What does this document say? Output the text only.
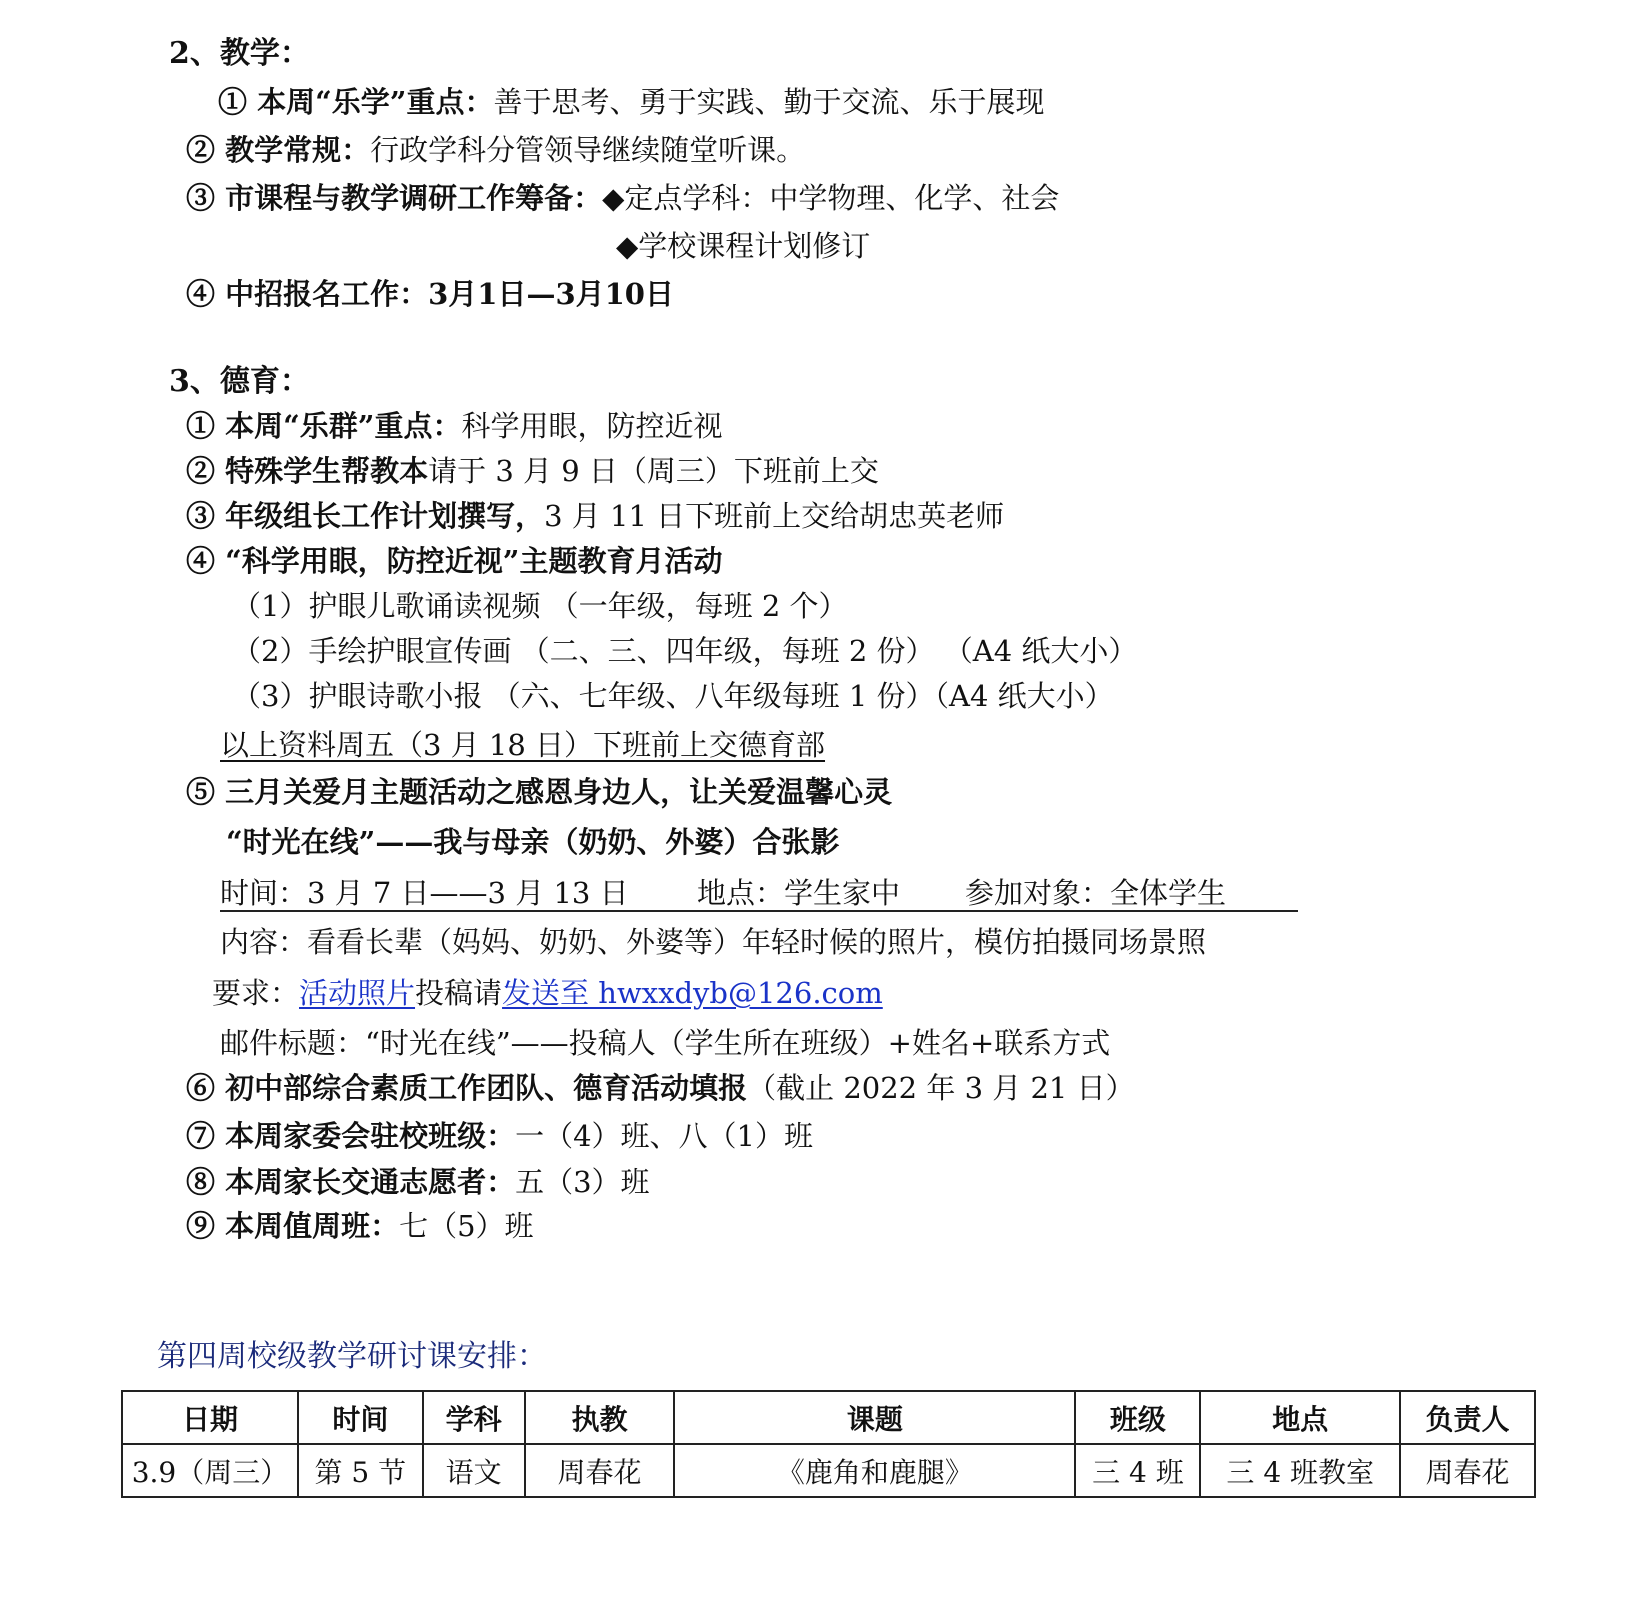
2、教学：
① 本周“乐学”重点：善于思考、勇于实践、勤于交流、乐于展现
② 教学常规：行政学科分管领导继续随堂听课。
③ 市课程与教学调研工作筹备：◆定点学科：中学物理、化学、社会
◆学校课程计划修订
④ 中招报名工作：3月1日—3月10日
3、德育：
① 本周“乐群”重点：科学用眼，防控近视
② 特殊学生帮教本请于 3 月 9 日（周三）下班前上交
③ 年级组长工作计划撰写，3 月 11 日下班前上交给胡忠英老师
④ “科学用眼，防控近视”主题教育月活动
（1）护眼儿歌诵读视频 （一年级，每班 2 个）
（2）手绘护眼宣传画 （二、三、四年级，每班 2 份） （A4 纸大小）
（3）护眼诗歌小报 （六、七年级、八年级每班 1 份）（A4 纸大小）
以上资料周五（3 月 18 日）下班前上交德育部
⑤ 三月关爱月主题活动之感恩身边人，让关爱温馨心灵
“时光在线”——我与母亲（奶奶、外婆）合张影
时间：3 月 7 日——3 月 13 日 地点：学生家中 参加对象：全体学生
内容：看看长辈（妈妈、奶奶、外婆等）年轻时候的照片，模仿拍摄同场景照
要求：活动照片投稿请发送至 hwxxdyb@126.com
邮件标题：“时光在线”——投稿人（学生所在班级）+姓名+联系方式
⑥ 初中部综合素质工作团队、德育活动填报（截止 2022 年 3 月 21 日）
⑦ 本周家委会驻校班级：一（4）班、八（1）班
⑧ 本周家长交通志愿者：五（3）班
⑨ 本周值周班：七（5）班
第四周校级教学研讨课安排：
日期	时间	学科	执教	课题	班级	地点	负责人
3.9（周三）	第 5 节	语文	周春花	《鹿角和鹿腿》	三 4 班	三 4 班教室	周春花
